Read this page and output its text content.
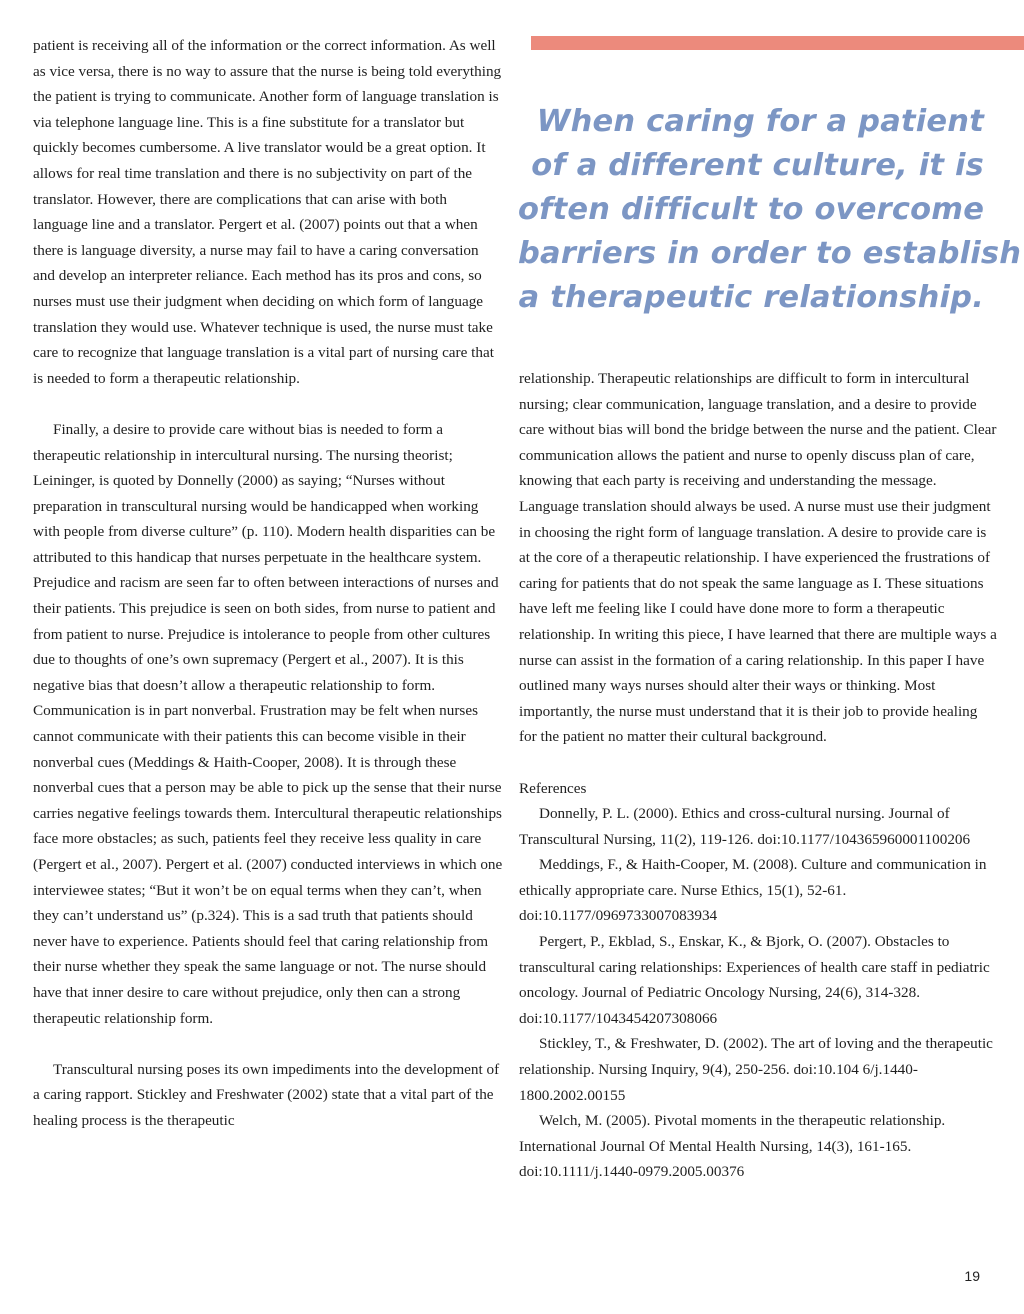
patient is receiving all of the information or the correct information. As well as vice versa, there is no way to assure that the nurse is being told everything the patient is trying to communicate. Another form of language translation is via telephone language line. This is a fine substitute for a translator but quickly becomes cumbersome. A live translator would be a great option. It allows for real time translation and there is no subjectivity on part of the translator. However, there are complications that can arise with both language line and a translator. Pergert et al. (2007) points out that a when there is language diversity, a nurse may fail to have a caring conversation and develop an interpreter reliance. Each method has its pros and cons, so nurses must use their judgment when deciding on which form of language translation they would use. Whatever technique is used, the nurse must take care to recognize that language translation is a vital part of nursing care that is needed to form a therapeutic relationship.

Finally, a desire to provide care without bias is needed to form a therapeutic relationship in intercultural nursing. The nursing theorist; Leininger, is quoted by Donnelly (2000) as saying; “Nurses without preparation in transcultural nursing would be handicapped when working with people from diverse culture” (p. 110). Modern health disparities can be attributed to this handicap that nurses perpetuate in the healthcare system. Prejudice and racism are seen far to often between interactions of nurses and their patients. This prejudice is seen on both sides, from nurse to patient and from patient to nurse. Prejudice is intolerance to people from other cultures due to thoughts of one’s own supremacy (Pergert et al., 2007). It is this negative bias that doesn’t allow a therapeutic relationship to form. Communication is in part nonverbal. Frustration may be felt when nurses cannot communicate with their patients this can become visible in their nonverbal cues (Meddings & Haith-Cooper, 2008). It is through these nonverbal cues that a person may be able to pick up the sense that their nurse carries negative feelings towards them. Intercultural therapeutic relationships face more obstacles; as such, patients feel they receive less quality in care (Pergert et al., 2007). Pergert et al. (2007) conducted interviews in which one interviewee states; “But it won’t be on equal terms when they can’t, when they can’t understand us” (p.324). This is a sad truth that patients should never have to experience. Patients should feel that caring relationship from their nurse whether they speak the same language or not. The nurse should have that inner desire to care without prejudice, only then can a strong therapeutic relationship form.

Transcultural nursing poses its own impediments into the development of a caring rapport. Stickley and Freshwater (2002) state that a vital part of the healing process is the therapeutic

When caring for a patient
of a different culture, it is
often difficult to overcome
barriers in order to establish
a therapeutic relationship.

relationship. Therapeutic relationships are difficult to form in intercultural nursing; clear communication, language translation, and a desire to provide care without bias will bond the bridge between the nurse and the patient. Clear communication allows the patient and nurse to openly discuss plan of care, knowing that each party is receiving and understanding the message. Language translation should always be used. A nurse must use their judgment in choosing the right form of language translation. A desire to provide care is at the core of a therapeutic relationship. I have experienced the frustrations of caring for patients that do not speak the same language as I. These situations have left me feeling like I could have done more to form a therapeutic relationship. In writing this piece, I have learned that there are multiple ways a nurse can assist in the formation of a caring relationship. In this paper I have outlined many ways nurses should alter their ways or thinking. Most importantly, the nurse must understand that it is their job to provide healing for the patient no matter their cultural background.

References

Donnelly, P. L. (2000). Ethics and cross-cultural nursing. Journal of Transcultural Nursing, 11(2), 119-126. doi:10.1177/104365960001100206

Meddings, F., & Haith-Cooper, M. (2008). Culture and communication in ethically appropriate care. Nurse Ethics, 15(1), 52-61. doi:10.1177/0969733007083934

Pergert, P., Ekblad, S., Enskar, K., & Bjork, O. (2007). Obstacles to transcultural caring relationships: Experiences of health care staff in pediatric oncology. Journal of Pediatric Oncology Nursing, 24(6), 314-328. doi:10.1177/1043454207308066

Stickley, T., & Freshwater, D. (2002). The art of loving and the therapeutic relationship. Nursing Inquiry, 9(4), 250-256. doi:10.104 6/j.1440-1800.2002.00155

Welch, M. (2005). Pivotal moments in the therapeutic relationship. International Journal Of Mental Health Nursing, 14(3), 161-165. doi:10.1111/j.1440-0979.2005.00376

19
